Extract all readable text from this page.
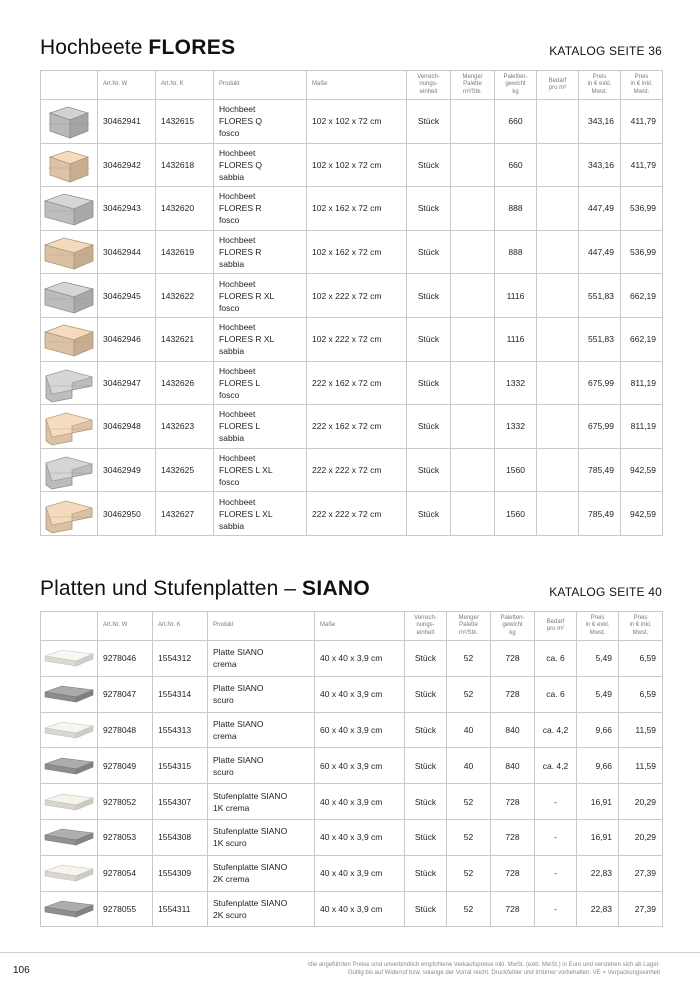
Hochbeete FLORES	KATALOG SEITE 36
	Art.Nr. W	Art.Nr. K	Produkt	Maße	Verrech-
nungs-
einheit	Menge/
Palette
m²/Stk.	Paletten-
gewicht
kg	Bedarf
pro m²	Preis
in € exkl.
Mwst.	Preis
in € inkl.
Mwst.
	30462941	1432615	Hochbeet
FLORES Q
fosco	102 x 102 x 72 cm	Stück		660		343,16	411,79
	30462942	1432618	Hochbeet
FLORES Q
sabbia	102 x 102 x 72 cm	Stück		660		343,16	411,79
	30462943	1432620	Hochbeet
FLORES R
fosco	102 x 162 x 72 cm	Stück		888		447,49	536,99
	30462944	1432619	Hochbeet
FLORES R
sabbia	102 x 162 x 72 cm	Stück		888		447,49	536,99
	30462945	1432622	Hochbeet
FLORES R XL
fosco	102 x 222 x 72 cm	Stück		1116		551,83	662,19
	30462946	1432621	Hochbeet
FLORES R XL
sabbia	102 x 222 x 72 cm	Stück		1116		551,83	662,19
	30462947	1432626	Hochbeet
FLORES L
fosco	222 x 162 x 72 cm	Stück		1332		675,99	811,19
	30462948	1432623	Hochbeet
FLORES L
sabbia	222 x 162 x 72 cm	Stück		1332		675,99	811,19
	30462949	1432625	Hochbeet
FLORES L XL
fosco	222 x 222 x 72 cm	Stück		1560		785,49	942,59
	30462950	1432627	Hochbeet
FLORES L XL
sabbia	222 x 222 x 72 cm	Stück		1560		785,49	942,59
Platten und Stufenplatten – SIANO	KATALOG SEITE 40
	Art.Nr. W	Art.Nr. K	Produkt	Maße	Verrech-
nungs-
einheit	Menge/
Palette
m²/Stk.	Paletten-
gewicht
kg	Bedarf
pro m²	Preis
in € exkl.
Mwst.	Preis
in € inkl.
Mwst.
	9278046	1554312	Platte SIANO
crema	40 x 40 x 3,9 cm	Stück	52	728	ca. 6	5,49	6,59
	9278047	1554314	Platte SIANO
scuro	40 x 40 x 3,9 cm	Stück	52	728	ca. 6	5,49	6,59
	9278048	1554313	Platte SIANO
crema	60 x 40 x 3,9 cm	Stück	40	840	ca. 4,2	9,66	11,59
	9278049	1554315	Platte SIANO
scuro	60 x 40 x 3,9 cm	Stück	40	840	ca. 4,2	9,66	11,59
	9278052	1554307	Stufenplatte SIANO
1K crema	40 x 40 x 3,9 cm	Stück	52	728	-	16,91	20,29
	9278053	1554308	Stufenplatte SIANO
1K scuro	40 x 40 x 3,9 cm	Stück	52	728	-	16,91	20,29
	9278054	1554309	Stufenplatte SIANO
2K crema	40 x 40 x 3,9 cm	Stück	52	728	-	22,83	27,39
	9278055	1554311	Stufenplatte SIANO
2K scuro	40 x 40 x 3,9 cm	Stück	52	728	-	22,83	27,39
106	¹die angeführten Preise sind unverbindlich empfohlene Verkaufspreise inkl. MwSt. (exkl. MwSt.) in Euro und verstehen sich ab Lager.
Gültig bis auf Widerruf bzw. solange der Vorrat reicht. Druckfehler und Irrtümer vorbehalten. VE = Verpackungseinheit
